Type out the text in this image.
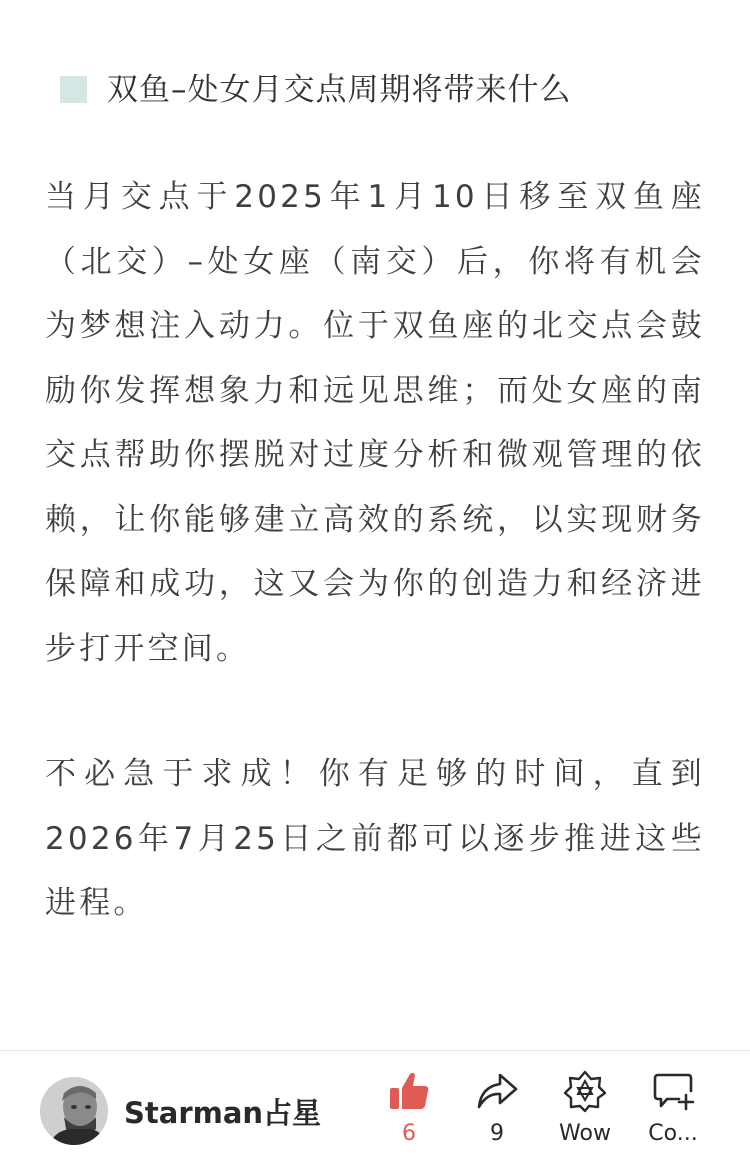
双鱼–处女月交点周期将带来什么

当月交点于2025年1月10日移至双鱼座（北交）–处女座（南交）后，你将有机会为梦想注入动力。位于双鱼座的北交点会鼓励你发挥想象力和远见思维；而处女座的南交点帮助你摆脱对过度分析和微观管理的依赖，让你能够建立高效的系统，以实现财务保障和成功，这又会为你的创造力和经济进步打开空间。

不必急于求成！你有足够的时间，直到2026年7月25日之前都可以逐步推进这些进程。

Starman占星
6	9	Wow	Co...
